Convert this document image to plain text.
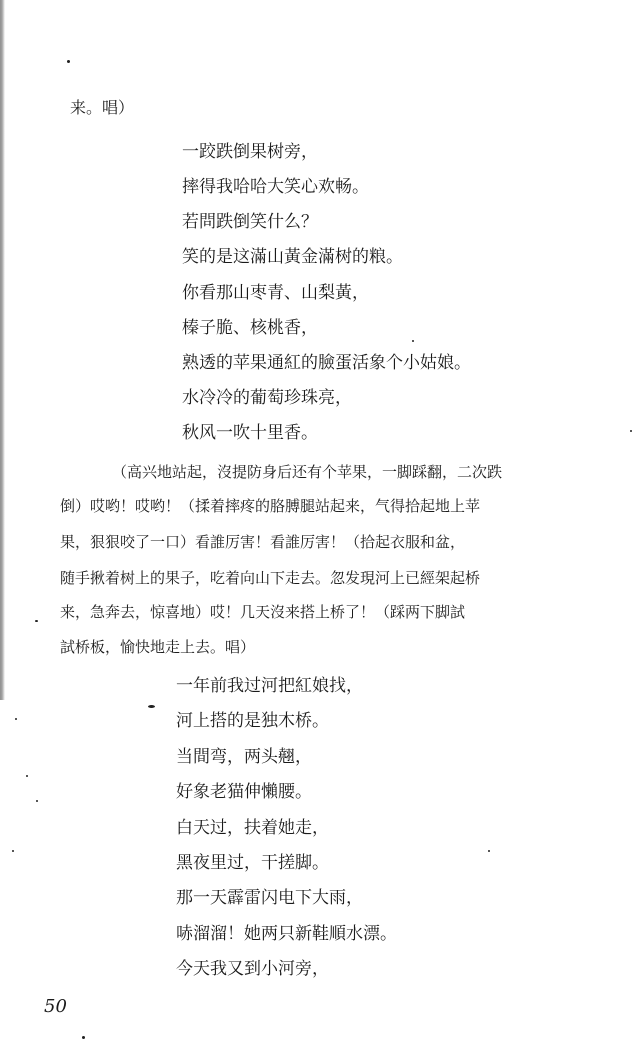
来。唱）
一跤跌倒果树旁，
摔得我哈哈大笑心欢畅。
若問跌倒笑什么？
笑的是这滿山黃金滿树的粮。
你看那山枣青、山梨黃，
榛子脆、核桃香，
熟透的苹果通紅的臉蛋活象个小姑娘。
水冷冷的葡萄珍珠亮，
秋风一吹十里香。
（高兴地站起，沒提防身后还有个苹果，一脚踩翻，二次跌
倒）哎哟！哎哟！（揉着摔疼的胳膊腿站起来，气得拾起地上苹
果，狠狠咬了一口）看誰厉害！看誰厉害！（拾起衣服和盆，
随手揪着树上的果子，吃着向山下走去。忽发現河上已經架起桥
来，急奔去，惊喜地）哎！几天沒来搭上桥了！（踩两下脚試
試桥板，愉快地走上去。唱）
一年前我过河把紅娘找，
河上搭的是独木桥。
当間弯，两头翹，
好象老猫伸懶腰。
白天过，扶着她走，
黑夜里过，干搓脚。
那一天霹雷闪电下大雨，
哧溜溜！她两只新鞋順水漂。
今天我又到小河旁，
50
